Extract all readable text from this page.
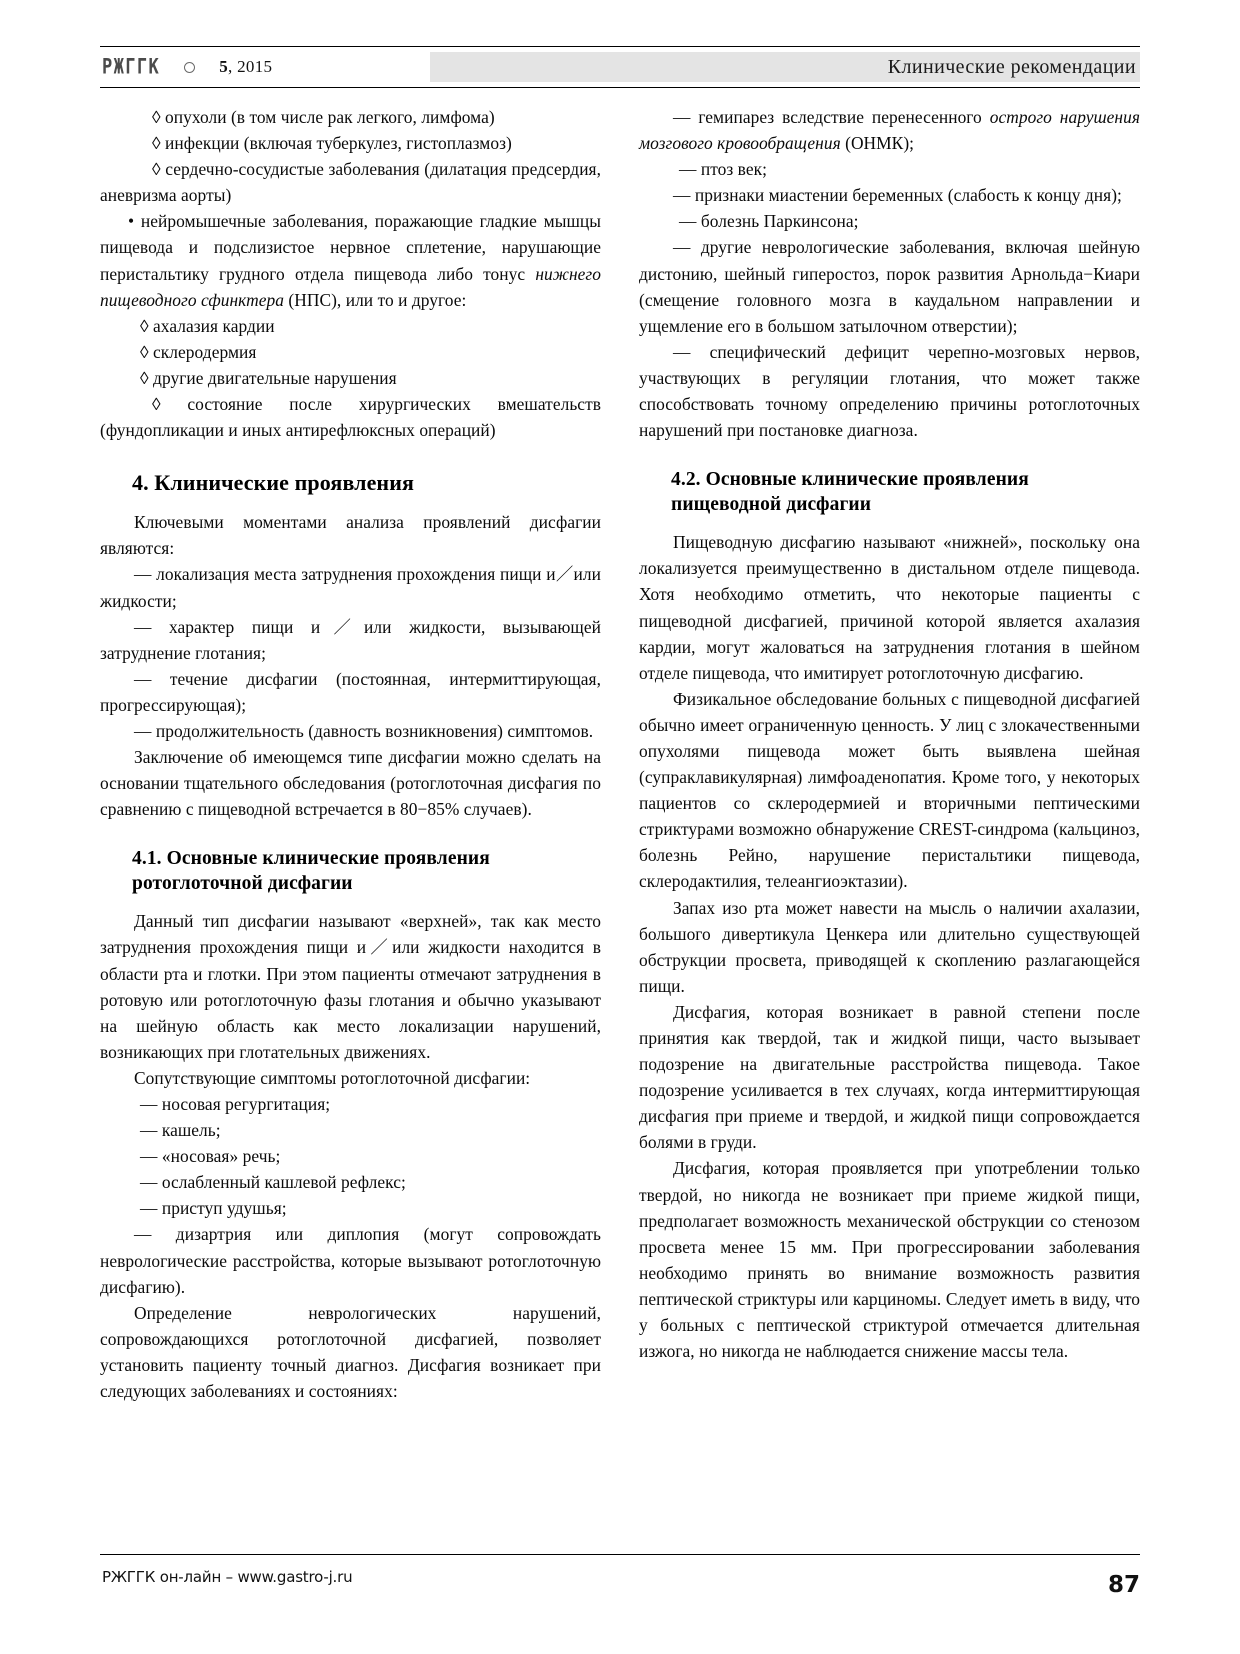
РЖГГК	5, 2015	Клинические рекомендации

◊ опухоли (в том числе рак легкого, лимфома)

◊ инфекции (включая туберкулез, гистоплазмоз)

◊ сердечно-сосудистые заболевания (дилатация предсердия, аневризма аорты)

• нейромышечные заболевания, поражающие гладкие мышцы пищевода и подслизистое нервное сплетение, нарушающие перистальтику грудного отдела пищевода либо тонус нижнего пищеводного сфинктера (НПС), или то и другое:

◊ ахалазия кардии

◊ склеродермия

◊ другие двигательные нарушения

◊ состояние после хирургических вмешательств (фундопликации и иных антирефлюксных операций)

4. Клинические проявления

Ключевыми моментами анализа проявлений дисфагии являются:

— локализация места затруднения прохождения пищи и／или жидкости;

— характер пищи и／или жидкости, вызывающей затруднение глотания;

— течение дисфагии (постоянная, интермиттирующая, прогрессирующая);

— продолжительность (давность возникновения) симптомов.

Заключение об имеющемся типе дисфагии можно сделать на основании тщательного обследования (ротоглоточная дисфагия по сравнению с пищеводной встречается в 80−85% случаев).

4.1. Основные клинические проявления
ротоглоточной дисфагии

Данный тип дисфагии называют «верхней», так как место затруднения прохождения пищи и／или жидкости находится в области рта и глотки. При этом пациенты отмечают затруднения в ротовую или ротоглоточную фазы глотания и обычно указывают на шейную область как место локализации нарушений, возникающих при глотательных движениях.

Сопутствующие симптомы ротоглоточной дисфагии:

— носовая регургитация;

— кашель;

— «носовая» речь;

— ослабленный кашлевой рефлекс;

— приступ удушья;

— дизартрия или диплопия (могут сопровождать неврологические расстройства, которые вызывают ротоглоточную дисфагию).

Определение неврологических нарушений, сопровождающихся ротоглоточной дисфагией, позволяет установить пациенту точный диагноз. Дисфагия возникает при следующих заболеваниях и состояниях:

— гемипарез вследствие перенесенного острого нарушения мозгового кровообращения (ОНМК);

— птоз век;

— признаки миастении беременных (слабость к концу дня);

— болезнь Паркинсона;

— другие неврологические заболевания, включая шейную дистонию, шейный гиперостоз, порок развития Арнольда−Киари (смещение головного мозга в каудальном направлении и ущемление его в большом затылочном отверстии);

— специфический дефицит черепно-мозговых нервов, участвующих в регуляции глотания, что может также способствовать точному определению причины ротоглоточных нарушений при постановке диагноза.

4.2. Основные клинические проявления
пищеводной дисфагии

Пищеводную дисфагию называют «нижней», поскольку она локализуется преимущественно в дистальном отделе пищевода. Хотя необходимо отметить, что некоторые пациенты с пищеводной дисфагией, причиной которой является ахалазия кардии, могут жаловаться на затруднения глотания в шейном отделе пищевода, что имитирует ротоглоточную дисфагию.

Физикальное обследование больных с пищеводной дисфагией обычно имеет ограниченную ценность. У лиц с злокачественными опухолями пищевода может быть выявлена шейная (супраклавикулярная) лимфоаденопатия. Кроме того, у некоторых пациентов со склеродермией и вторичными пептическими стриктурами возможно обнаружение CREST-синдрома (кальциноз, болезнь Рейно, нарушение перистальтики пищевода, склеродактилия, телеангиоэктазии).

Запах изо рта может навести на мысль о наличии ахалазии, большого дивертикула Ценкера или длительно существующей обструкции просвета, приводящей к скоплению разлагающейся пищи.

Дисфагия, которая возникает в равной степени после принятия как твердой, так и жидкой пищи, часто вызывает подозрение на двигательные расстройства пищевода. Такое подозрение усиливается в тех случаях, когда интермиттирующая дисфагия при приеме и твердой, и жидкой пищи сопровождается болями в груди.

Дисфагия, которая проявляется при употреблении только твердой, но никогда не возникает при приеме жидкой пищи, предполагает возможность механической обструкции со стенозом просвета менее 15 мм. При прогрессировании заболевания необходимо принять во внимание возможность развития пептической стриктуры или карциномы. Следует иметь в виду, что у больных с пептической стриктурой отмечается длительная изжога, но никогда не наблюдается снижение массы тела.

РЖГГК он-лайн – www.gastro-j.ru	87
